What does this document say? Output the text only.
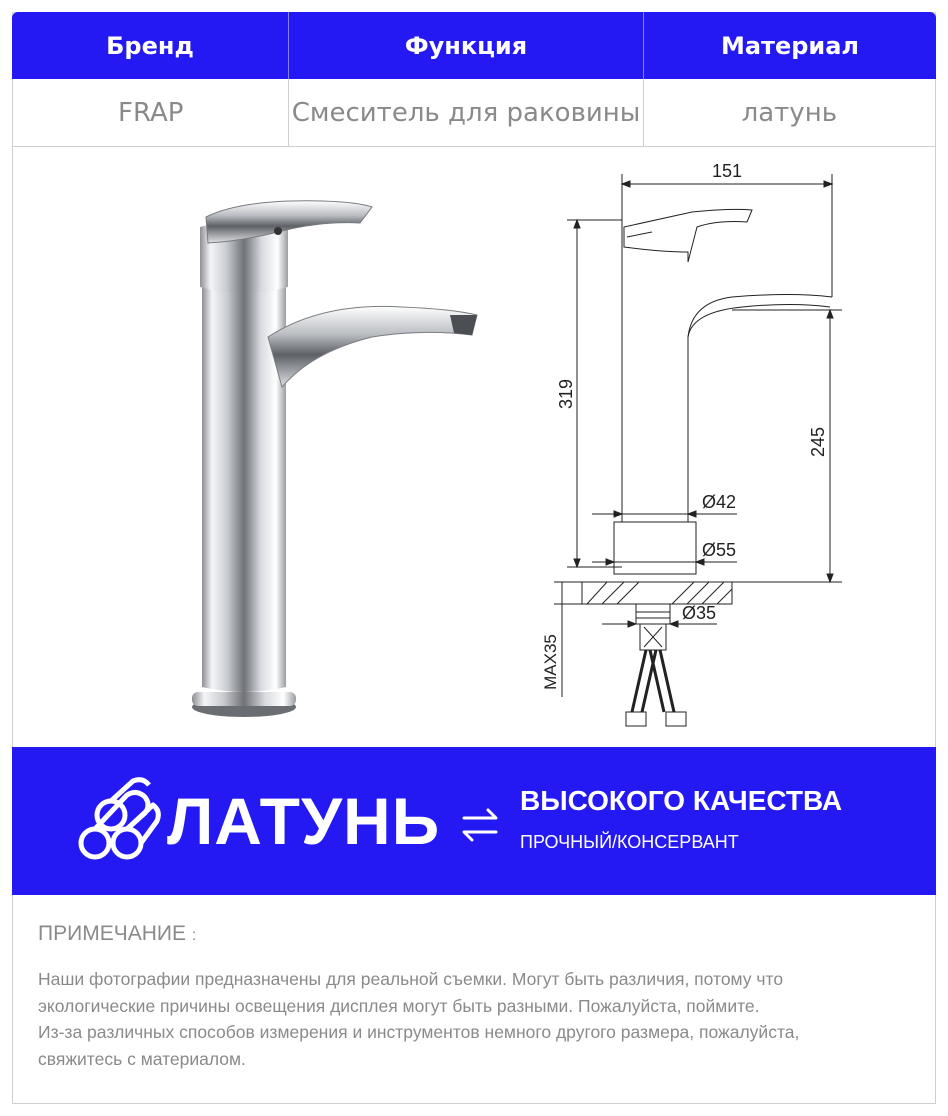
Бренд	Функция	Материал
FRAP	Смеситель для раковины	латунь
151
319
245
Ø42
Ø55
Ø35
MAX35
ЛАТУНЬ	ВЫСОКОГО КАЧЕСТВА
ПРОЧНЫЙ/КОНСЕРВАНТ
ПРИМЕЧАНИЕ :
Наши фотографии предназначены для реальной съемки. Могут быть различия, потому что
экологические причины освещения дисплея могут быть разными. Пожалуйста, поймите.
Из-за различных способов измерения и инструментов немного другого размера, пожалуйста,
свяжитесь с материалом.
